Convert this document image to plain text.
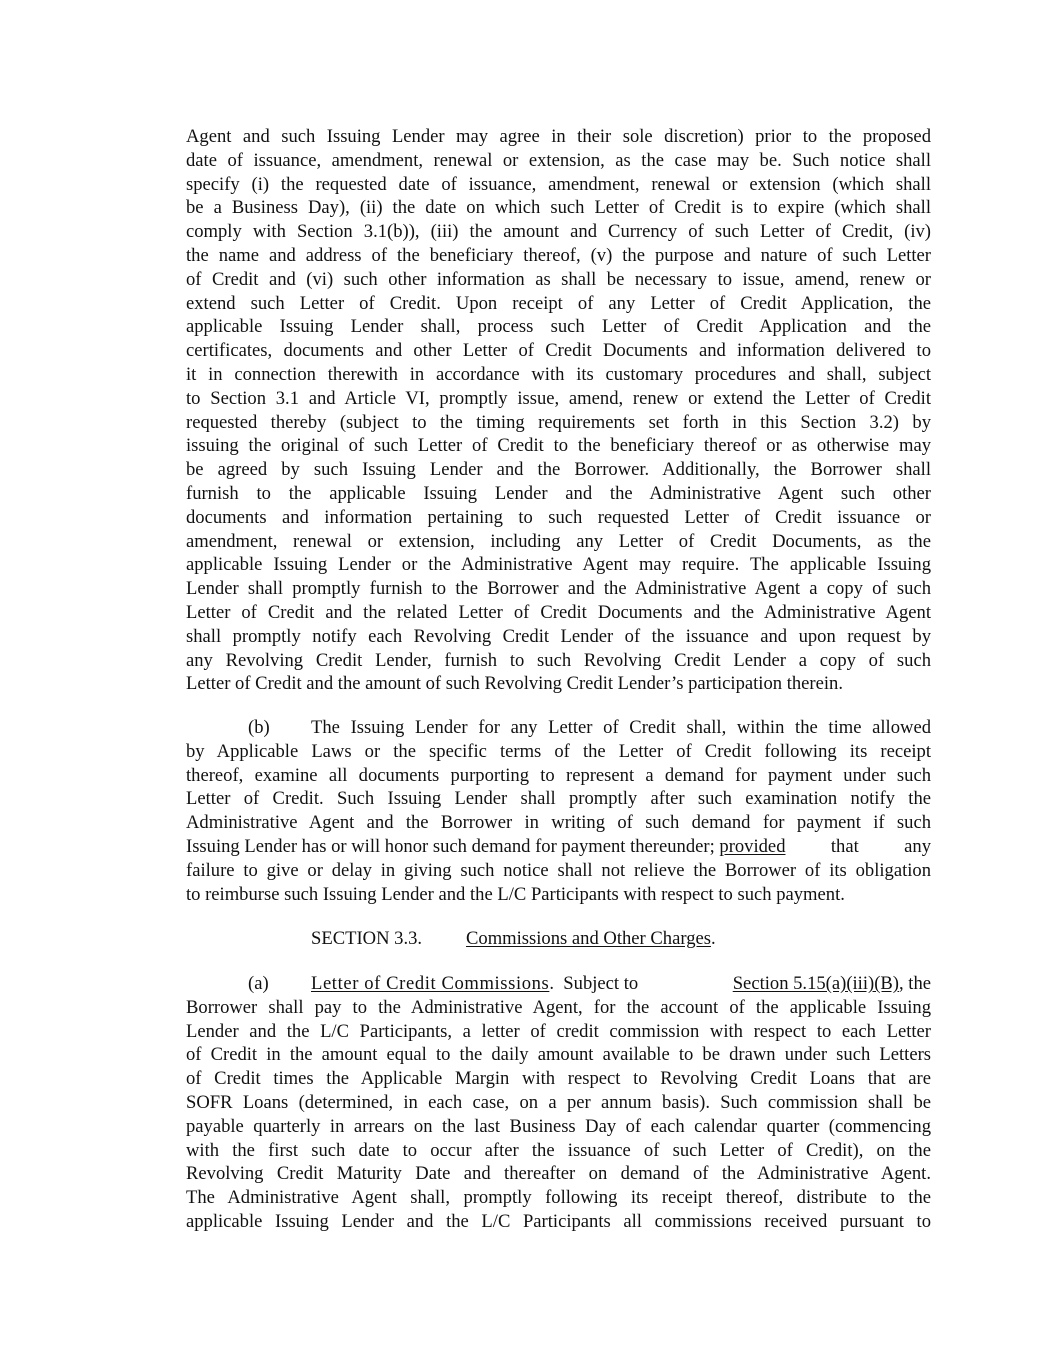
Agent and such Issuing Lender may agree in their sole discretion) prior to the proposed
date of issuance, amendment, renewal or extension, as the case may be. Such notice shall
specify (i) the requested date of issuance, amendment, renewal or extension (which shall
be a Business Day), (ii) the date on which such Letter of Credit is to expire (which shall
comply with Section 3.1(b)), (iii) the amount and Currency of such Letter of Credit, (iv)
the name and address of the beneficiary thereof, (v) the purpose and nature of such Letter
of Credit and (vi) such other information as shall be necessary to issue, amend, renew or
extend such Letter of Credit. Upon receipt of any Letter of Credit Application, the
applicable Issuing Lender shall, process such Letter of Credit Application and the
certificates, documents and other Letter of Credit Documents and information delivered to
it in connection therewith in accordance with its customary procedures and shall, subject
to Section 3.1 and Article VI, promptly issue, amend, renew or extend the Letter of Credit
requested thereby (subject to the timing requirements set forth in this Section 3.2) by
issuing the original of such Letter of Credit to the beneficiary thereof or as otherwise may
be agreed by such Issuing Lender and the Borrower. Additionally, the Borrower shall
furnish to the applicable Issuing Lender and the Administrative Agent such other
documents and information pertaining to such requested Letter of Credit issuance or
amendment, renewal or extension, including any Letter of Credit Documents, as the
applicable Issuing Lender or the Administrative Agent may require. The applicable Issuing
Lender shall promptly furnish to the Borrower and the Administrative Agent a copy of such
Letter of Credit and the related Letter of Credit Documents and the Administrative Agent
shall promptly notify each Revolving Credit Lender of the issuance and upon request by
any Revolving Credit Lender, furnish to such Revolving Credit Lender a copy of such
Letter of Credit and the amount of such Revolving Credit Lender’s participation therein.
(b)	The Issuing Lender for any Letter of Credit shall, within the time allowed
by Applicable Laws or the specific terms of the Letter of Credit following its receipt
thereof, examine all documents purporting to represent a demand for payment under such
Letter of Credit. Such Issuing Lender shall promptly after such examination notify the
Administrative Agent and the Borrower in writing of such demand for payment if such
Issuing Lender has or will honor such demand for payment thereunder; provided that any
failure to give or delay in giving such notice shall not relieve the Borrower of its obligation
to reimburse such Issuing Lender and the L/C Participants with respect to such payment.
SECTION 3.3. Commissions and Other Charges.
(a)	Letter of Credit Commissions .  Subject to	Section 5.15(a)(iii)(B) , the
Borrower shall pay to the Administrative Agent, for the account of the applicable Issuing
Lender and the L/C Participants, a letter of credit commission with respect to each Letter
of Credit in the amount equal to the daily amount available to be drawn under such Letters
of Credit times the Applicable Margin with respect to Revolving Credit Loans that are
SOFR Loans (determined, in each case, on a per annum basis). Such commission shall be
payable quarterly in arrears on the last Business Day of each calendar quarter (commencing
with the first such date to occur after the issuance of such Letter of Credit), on the
Revolving Credit Maturity Date and thereafter on demand of the Administrative Agent.
The Administrative Agent shall, promptly following its receipt thereof, distribute to the
applicable Issuing Lender and the L/C Participants all commissions received pursuant to
